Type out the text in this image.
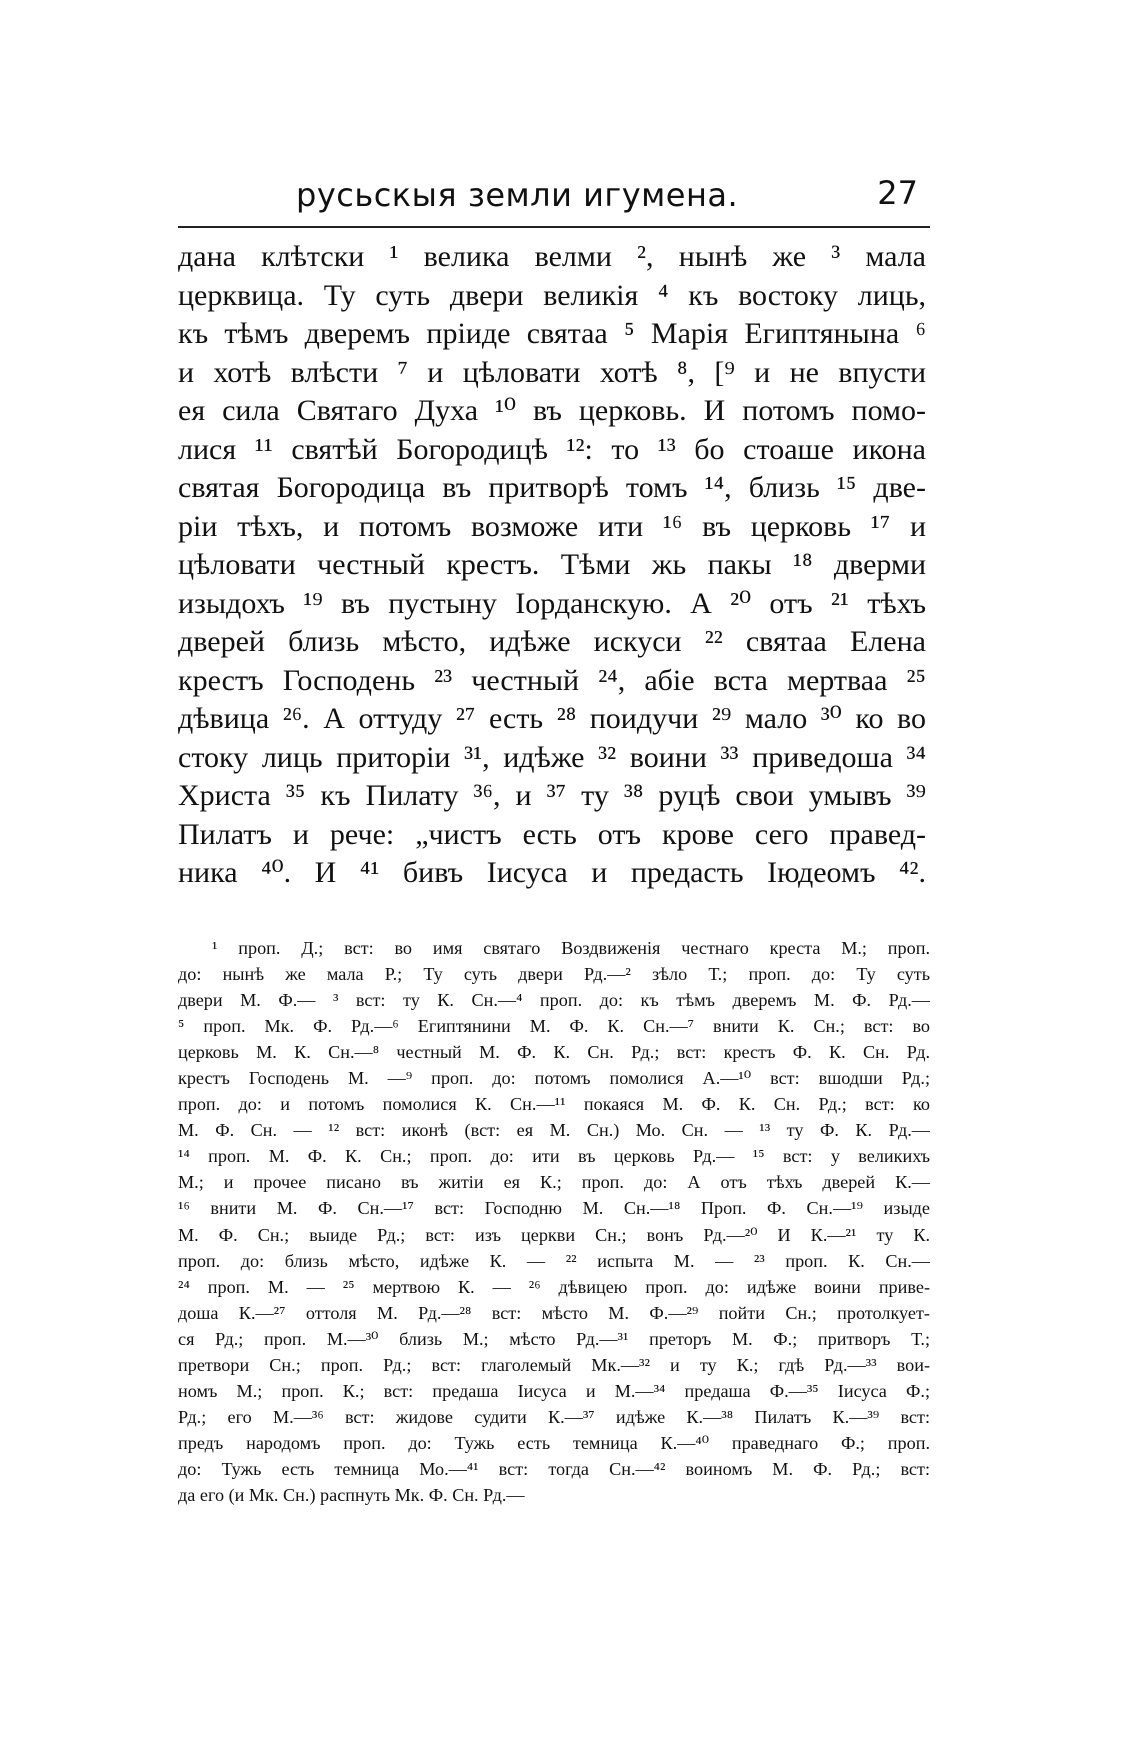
русьскыя земли игумена.	27
дана клѣтски ¹ велика велми ², нынѣ же ³ мала
церквица. Ту суть двери великія ⁴ къ востоку лиць,
къ тѣмъ дверемъ пріиде святаа ⁵ Марія Египтянына ⁶
и хотѣ влѣсти ⁷ и цѣловати хотѣ ⁸, [⁹ и не впусти
ея сила Святаго Духа ¹⁰ въ церковь. И потомъ помо-
лися ¹¹ святѣй Богородицѣ ¹²: то ¹³ бо стоаше икона
святая Богородица въ притворѣ томъ ¹⁴, близь ¹⁵ две-
ріи тѣхъ, и потомъ возможе ити ¹⁶ въ церковь ¹⁷ и
цѣловати честный крестъ. Тѣми жь пакы ¹⁸ дверми
изыдохъ ¹⁹ въ пустыну Іорданскую. А ²⁰ отъ ²¹ тѣхъ
дверей близь мѣсто, идѣже искуси ²² святаа Елена
крестъ Господень ²³ честный ²⁴, абіе вста мертваа ²⁵
дѣвица ²⁶. А оттуду ²⁷ есть ²⁸ поидучи ²⁹ мало ³⁰ ко во
стоку лиць приторіи ³¹, идѣже ³² воини ³³ приведоша ³⁴
Христа ³⁵ къ Пилату ³⁶, и ³⁷ ту ³⁸ руцѣ свои умывъ ³⁹
Пилатъ и рече: „чистъ есть отъ крове сего правед-
ника ⁴⁰. И ⁴¹ бивъ Іисуса и предасть Іюдеомъ ⁴².
¹ проп. Д.; вст: во имя святаго Воздвиженія честнаго креста М.; проп.
до: нынѣ же мала Р.; Ту суть двери Рд.—² зѣло Т.; проп. до: Ту суть
двери М. Ф.— ³ вст: ту К. Сн.—⁴ проп. до: къ тѣмъ дверемъ М. Ф. Рд.—
⁵ проп. Мк. Ф. Рд.—⁶ Египтянини М. Ф. К. Сн.—⁷ внити К. Сн.; вст: во
церковь М. К. Сн.—⁸ честный М. Ф. К. Сн. Рд.; вст: крестъ Ф. К. Сн. Рд.
крестъ Господень М. —⁹ проп. до: потомъ помолися А.—¹⁰ вст: вшодши Рд.;
проп. до: и потомъ помолися К. Сн.—¹¹ покаяся М. Ф. К. Сн. Рд.; вст: ко
М. Ф. Сн. — ¹² вст: иконѣ (вст: ея М. Сн.) Мо. Сн. — ¹³ ту Ф. К. Рд.—
¹⁴ проп. М. Ф. К. Сн.; проп. до: ити въ церковь Рд.— ¹⁵ вст: у великихъ
М.; и прочее писано въ житіи ея К.; проп. до: А отъ тѣхъ дверей К.—
¹⁶ внити М. Ф. Сн.—¹⁷ вст: Господню М. Сн.—¹⁸ Проп. Ф. Сн.—¹⁹ изыде
М. Ф. Сн.; выиде Рд.; вст: изъ церкви Сн.; вонъ Рд.—²⁰ И К.—²¹ ту К.
проп. до: близь мѣсто, идѣже К. — ²² испыта М. — ²³ проп. К. Сн.—
²⁴ проп. М. — ²⁵ мертвою К. — ²⁶ дѣвицею проп. до: идѣже воини приве-
доша К.—²⁷ оттоля М. Рд.—²⁸ вст: мѣсто М. Ф.—²⁹ пойти Сн.; протолкует-
ся Рд.; проп. М.—³⁰ близь М.; мѣсто Рд.—³¹ преторъ М. Ф.; притворъ Т.;
претвори Сн.; проп. Рд.; вст: глаголемый Мк.—³² и ту К.; гдѣ Рд.—³³ вои-
номъ М.; проп. К.; вст: предаша Іисуса и М.—³⁴ предаша Ф.—³⁵ Іисуса Ф.;
Рд.; его М.—³⁶ вст: жидове судити К.—³⁷ идѣже К.—³⁸ Пилатъ К.—³⁹ вст:
предъ народомъ проп. до: Тужь есть темница К.—⁴⁰ праведнаго Ф.; проп.
до: Тужь есть темница Мо.—⁴¹ вст: тогда Сн.—⁴² воиномъ М. Ф. Рд.; вст:
да его (и Мк. Сн.) распнуть Мк. Ф. Сн. Рд.—
